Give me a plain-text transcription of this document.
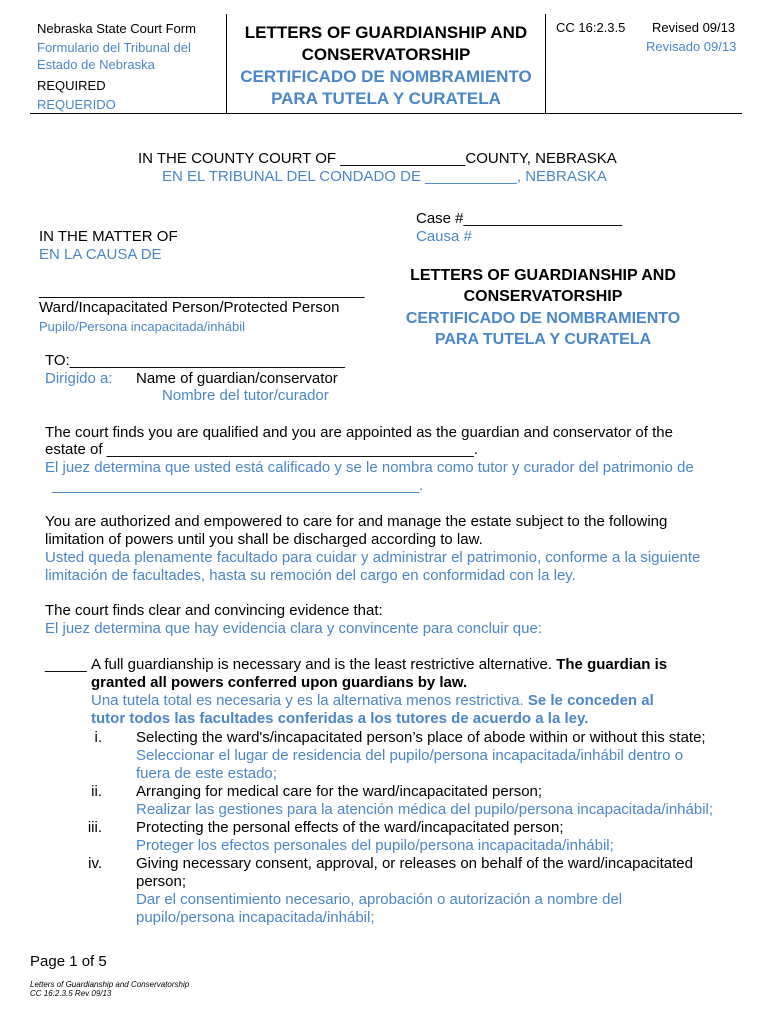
Nebraska State Court Form
Formulario del Tribunal del
Estado de Nebraska
REQUIRED
REQUERIDO
LETTERS OF GUARDIANSHIP AND
CONSERVATORSHIP
CERTIFICADO DE NOMBRAMIENTO
PARA TUTELA Y CURATELA
CC 16:2.3.5 Revised 09/13
Revisado 09/13
IN THE COUNTY COURT OF _______________COUNTY, NEBRASKA
EN EL TRIBUNAL DEL CONDADO DE ___________, NEBRASKA
Case #___________________
Causa #
IN THE MATTER OF
EN LA CAUSA DE
_______________________________________
Ward/Incapacitated Person/Protected Person
Pupilo/Persona incapacitada/inhábil
LETTERS OF GUARDIANSHIP AND
CONSERVATORSHIP
CERTIFICADO DE NOMBRAMIENTO
PARA TUTELA Y CURATELA
TO:_________________________________
Dirigido a: Name of guardian/conservator
Nombre del tutor/curador
The court finds you are qualified and you are appointed as the guardian and conservator of the
estate of ____________________________________________.
El juez determina que usted está calificado y se le nombra como tutor y curador del patrimonio de
____________________________________________.
You are authorized and empowered to care for and manage the estate subject to the following
limitation of powers until you shall be discharged according to law.
Usted queda plenamente facultado para cuidar y administrar el patrimonio, conforme a la siguiente
limitación de facultades, hasta su remoción del cargo en conformidad con la ley.
The court finds clear and convincing evidence that:
El juez determina que hay evidencia clara y convincente para concluir que:
_____ A full guardianship is necessary and is the least restrictive alternative. The guardian is
granted all powers conferred upon guardians by law.
Una tutela total es necesaria y es la alternativa menos restrictiva. Se le conceden al
tutor todos las facultades conferidas a los tutores de acuerdo a la ley.
i. Selecting the ward's/incapacitated person’s place of abode within or without this state;
Seleccionar el lugar de residencia del pupilo/persona incapacitada/inhábil dentro o
fuera de este estado;
ii. Arranging for medical care for the ward/incapacitated person;
Realizar las gestiones para la atención médica del pupilo/persona incapacitada/inhábil;
iii. Protecting the personal effects of the ward/incapacitated person;
Proteger los efectos personales del pupilo/persona incapacitada/inhábil;
iv. Giving necessary consent, approval, or releases on behalf of the ward/incapacitated
person;
Dar el consentimiento necesario, aprobación o autorización a nombre del
pupilo/persona incapacitada/inhábil;
Page 1 of 5
Letters of Guardianship and Conservatorship
CC 16:2.3.5 Rev 09/13
